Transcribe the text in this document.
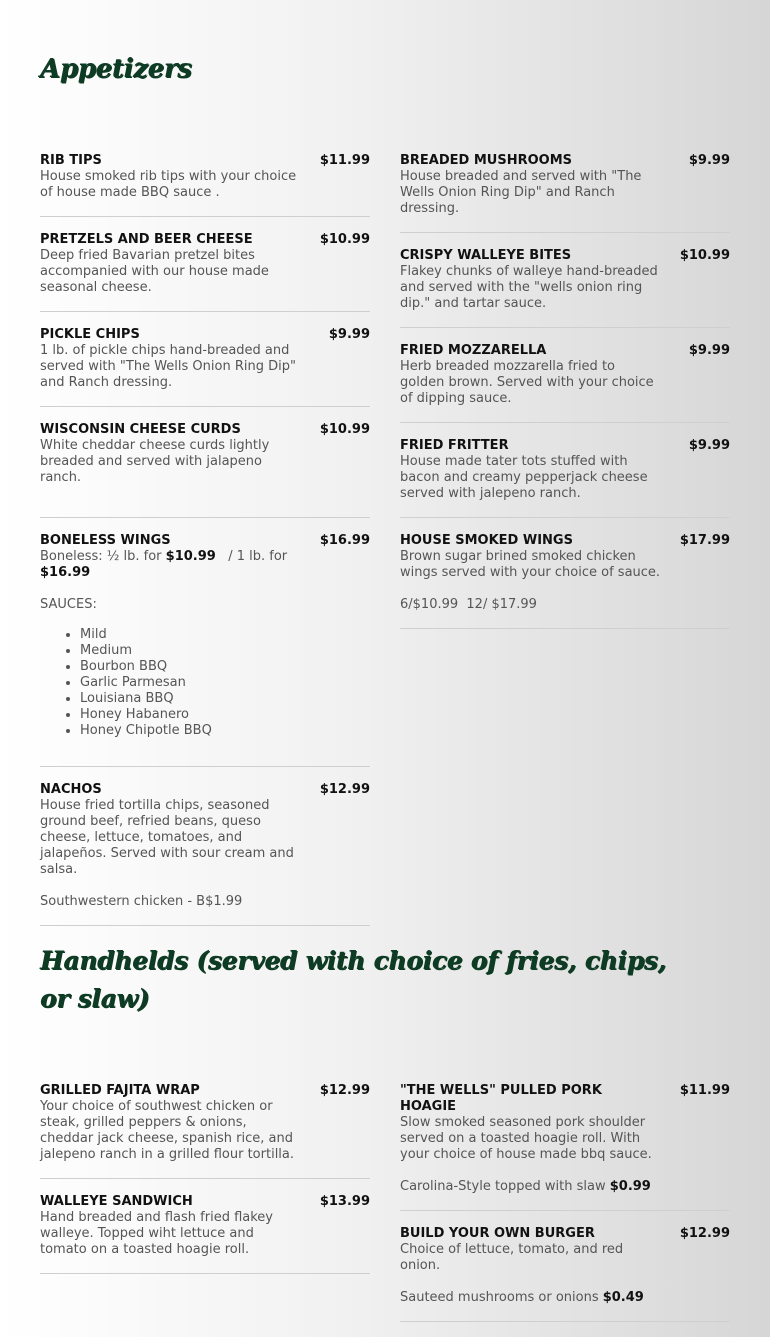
Appetizers
RIB TIPS	$11.99
House smoked rib tips with your choice of house made BBQ sauce .
PRETZELS AND BEER CHEESE	$10.99
Deep fried Bavarian pretzel bites accompanied with our house made seasonal cheese.
PICKLE CHIPS	$9.99
1 lb. of pickle chips hand-breaded and served with "The Wells Onion Ring Dip" and Ranch dressing.
WISCONSIN CHEESE CURDS	$10.99
White cheddar cheese curds lightly breaded and served with jalapeno ranch.
BONELESS WINGS	$16.99
Boneless: ½ lb. for $10.99   / 1 lb. for $16.99
SAUCES:
• Mild
• Medium
• Bourbon BBQ
• Garlic Parmesan
• Louisiana BBQ
• Honey Habanero
• Honey Chipotle BBQ
NACHOS	$12.99
House fried tortilla chips, seasoned ground beef, refried beans, queso cheese, lettuce, tomatoes, and jalapeños. Served with sour cream and salsa.
Southwestern chicken - B$1.99
BREADED MUSHROOMS	$9.99
House breaded and served with "The Wells Onion Ring Dip" and Ranch dressing.
CRISPY WALLEYE BITES	$10.99
Flakey chunks of walleye hand-breaded and served with the "wells onion ring dip." and tartar sauce.
FRIED MOZZARELLA	$9.99
Herb breaded mozzarella fried to golden brown. Served with your choice of dipping sauce.
FRIED FRITTER	$9.99
House made tater tots stuffed with bacon and creamy pepperjack cheese served with jalepeno ranch.
HOUSE SMOKED WINGS	$17.99
Brown sugar brined smoked chicken wings served with your choice of sauce.
6/$10.99  12/ $17.99
Handhelds (served with choice of fries, chips, or slaw)
GRILLED FAJITA WRAP	$12.99
Your choice of southwest chicken or steak, grilled peppers & onions, cheddar jack cheese, spanish rice, and jalepeno ranch in a grilled flour tortilla.
WALLEYE SANDWICH	$13.99
Hand breaded and flash fried flakey walleye. Topped wiht lettuce and tomato on a toasted hoagie roll.
"THE WELLS" PULLED PORK HOAGIE
$11.99
Slow smoked seasoned pork shoulder served on a toasted hoagie roll. With your choice of house made bbq sauce.
Carolina-Style topped with slaw $0.99
BUILD YOUR OWN BURGER	$12.99
Choice of lettuce, tomato, and red onion.
Sauteed mushrooms or onions $0.49
